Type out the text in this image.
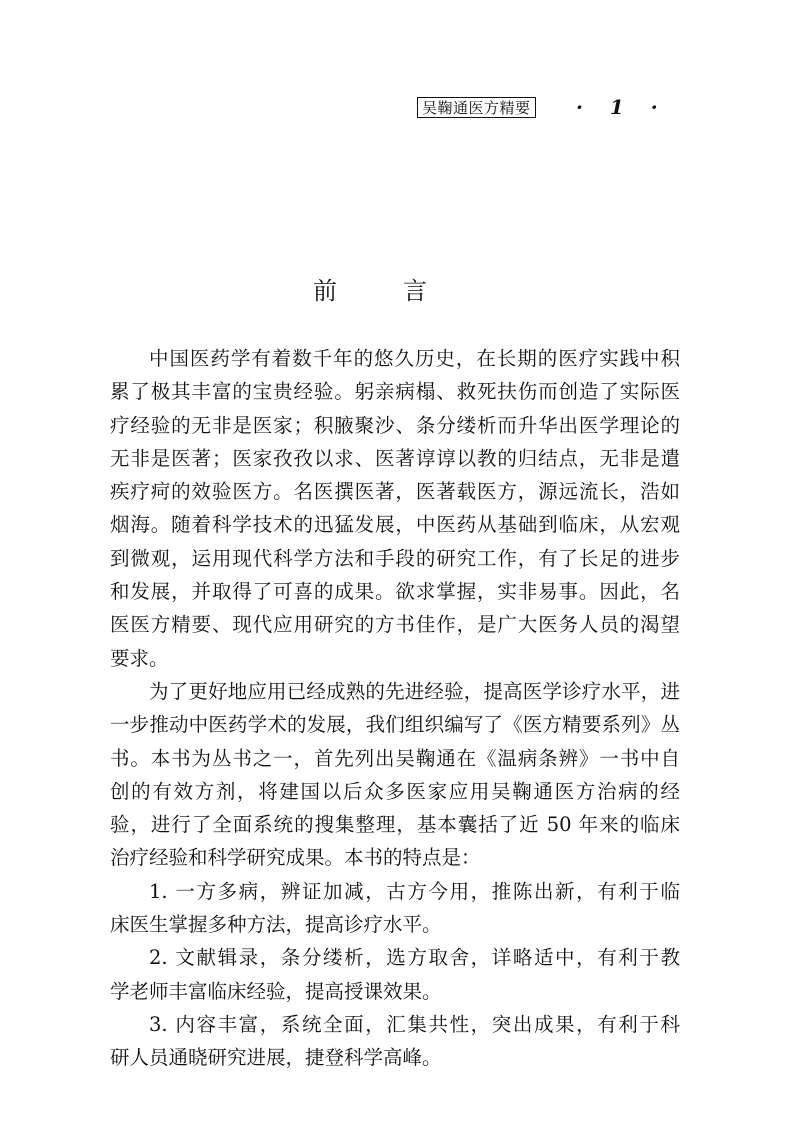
吴鞠通医方精要 · 1 ·
前言
中国医药学有着数千年的悠久历史，在长期的医疗实践中积
累了极其丰富的宝贵经验。躬亲病榻、救死扶伤而创造了实际医
疗经验的无非是医家；积腋聚沙、条分缕析而升华出医学理论的
无非是医著；医家孜孜以求、医著谆谆以教的归结点，无非是遣
疾疗疴的效验医方。名医撰医著，医著载医方，源远流长，浩如
烟海。随着科学技术的迅猛发展，中医药从基础到临床，从宏观
到微观，运用现代科学方法和手段的研究工作，有了长足的进步
和发展，并取得了可喜的成果。欲求掌握，实非易事。因此，名
医医方精要、现代应用研究的方书佳作，是广大医务人员的渴望
要求。
为了更好地应用已经成熟的先进经验，提高医学诊疗水平，进
一步推动中医药学术的发展，我们组织编写了《医方精要系列》丛
书。本书为丛书之一，首先列出吴鞠通在《温病条辨》一书中自
创的有效方剂，将建国以后众多医家应用吴鞠通医方治病的经
验，进行了全面系统的搜集整理，基本囊括了近 50 年来的临床
治疗经验和科学研究成果。本书的特点是：
1. 一方多病，辨证加减，古方今用，推陈出新，有利于临
床医生掌握多种方法，提高诊疗水平。
2. 文献辑录，条分缕析，选方取舍，详略适中，有利于教
学老师丰富临床经验，提高授课效果。
3. 内容丰富，系统全面，汇集共性，突出成果，有利于科
研人员通晓研究进展，捷登科学高峰。
